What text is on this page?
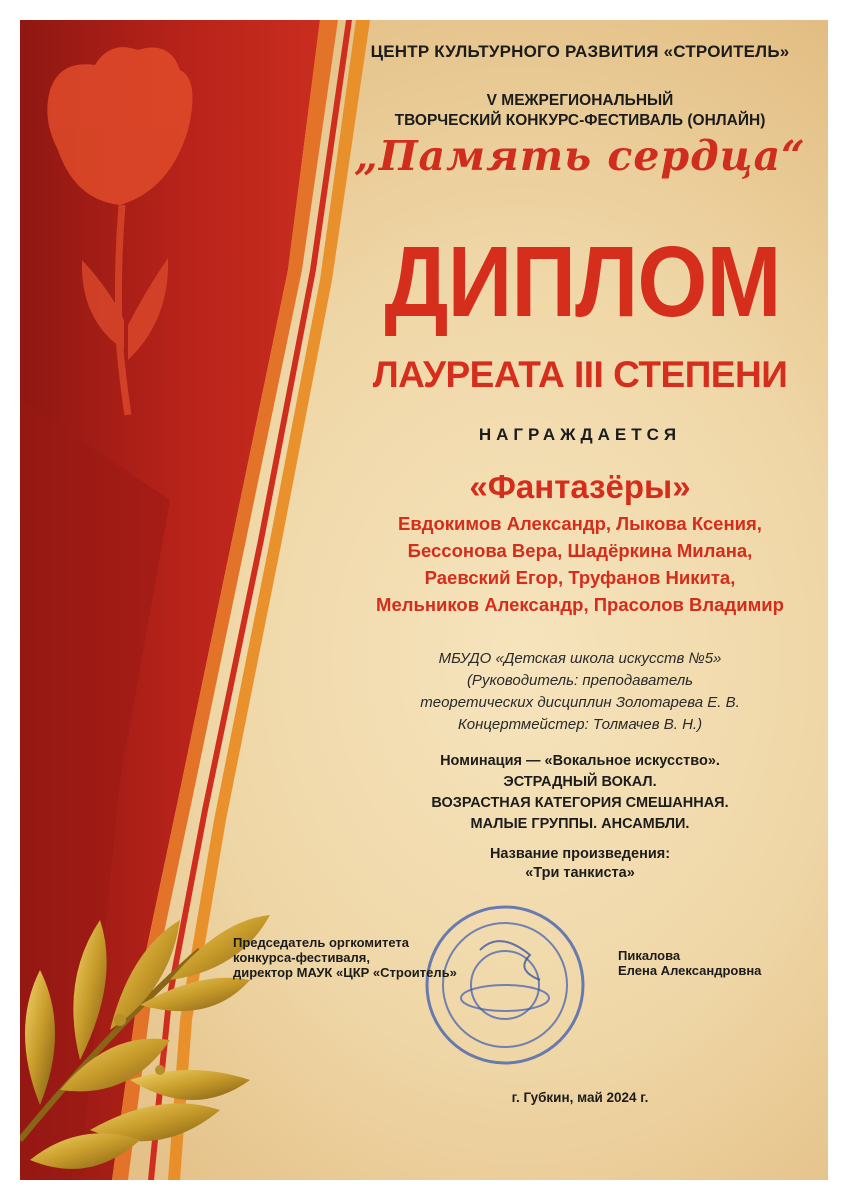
ЦЕНТР КУЛЬТУРНОГО РАЗВИТИЯ «СТРОИТЕЛЬ»
V МЕЖРЕГИОНАЛЬНЫЙ
ТВОРЧЕСКИЙ КОНКУРС-ФЕСТИВАЛЬ (ОНЛАЙН)
„Память сердца“
ДИПЛОМ
ЛАУРЕАТА III СТЕПЕНИ
НАГРАЖДАЕТСЯ
«Фантазёры»
Евдокимов Александр, Лыкова Ксения,
Бессонова Вера, Шадёркина Милана,
Раевский Егор, Труфанов Никита,
Мельников Александр, Прасолов Владимир
МБУДО «Детская школа искусств №5»
(Руководитель: преподаватель
теоретических дисциплин Золотарева Е. В.
Концертмейстер: Толмачев В. Н.)
Номинация — «Вокальное искусство».
ЭСТРАДНЫЙ ВОКАЛ.
ВОЗРАСТНАЯ КАТЕГОРИЯ СМЕШАННАЯ.
МАЛЫЕ ГРУППЫ. АНСАМБЛИ.
Название произведения:
«Три танкиста»
Председатель оргкомитета
конкурса-фестиваля,
директор МАУК «ЦКР «Строитель»
Пикалова
Елена Александровна
г. Губкин, май 2024 г.
